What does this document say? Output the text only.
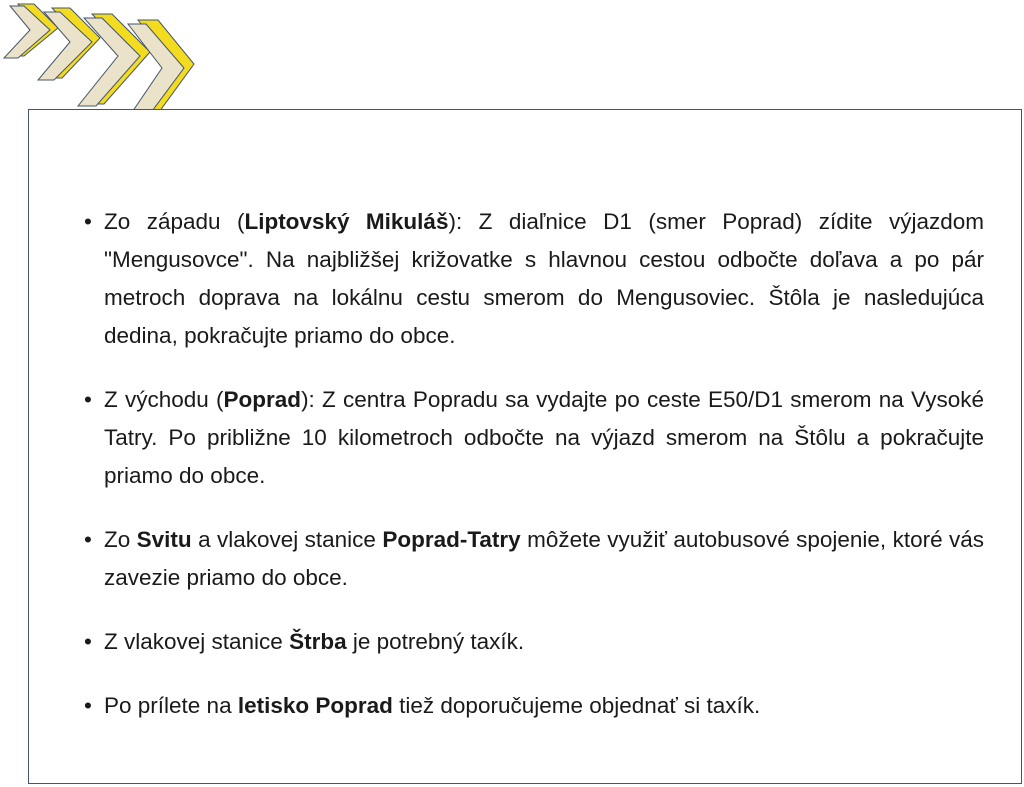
• Zo západu (Liptovský Mikuláš): Z diaľnice D1 (smer Poprad) zídite výjazdom "Mengusovce". Na najbližšej križovatke s hlavnou cestou odbočte doľava a po pár metroch doprava na lokálnu cestu smerom do Mengusoviec. Štôla je nasledujúca dedina, pokračujte priamo do obce.
• Z východu (Poprad): Z centra Popradu sa vydajte po ceste E50/D1 smerom na Vysoké Tatry. Po približne 10 kilometroch odbočte na výjazd smerom na Štôlu a pokračujte priamo do obce.
• Zo Svitu a vlakovej stanice Poprad-Tatry môžete využiť autobusové spojenie, ktoré vás zavezie priamo do obce.
• Z vlakovej stanice Štrba je potrebný taxík.
• Po prílete na letisko Poprad tiež doporučujeme objednať si taxík.
